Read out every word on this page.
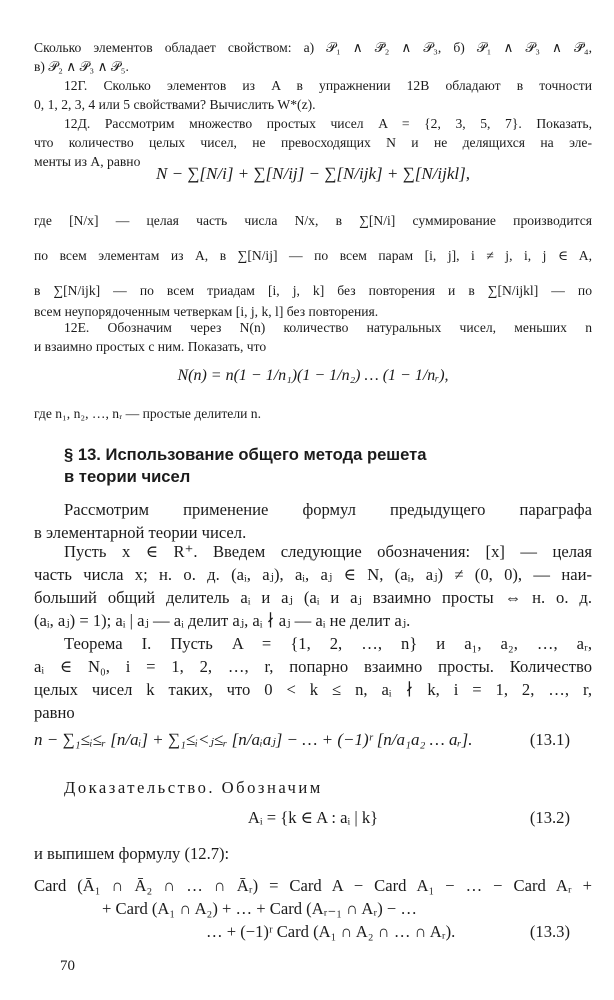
Сколько элементов обладает свойством: а) 𝒫₁ ∧ 𝒫̄₂ ∧ 𝒫₃, б) 𝒫₁ ∧ 𝒫₃ ∧ 𝒫̄₄,
в) 𝒫₂ ∧ 𝒫₃ ∧ 𝒫₅.
12Г. Сколько элементов из A в упражнении 12В обладают в точности
0, 1, 2, 3, 4 или 5 свойствами? Вычислить W*(z).
12Д. Рассмотрим множество простых чисел A = {2, 3, 5, 7}. Показать,
что количество целых чисел, не превосходящих N и не делящихся на эле-
менты из A, равно
N − ∑[N/i] + ∑[N/ij] − ∑[N/ijk] + ∑[N/ijkl],
где [N/x] — целая часть числа N/x, в ∑[N/i] суммирование производится
по всем элементам из A, в ∑[N/ij] — по всем парам [i, j], i ≠ j, i, j ∈ A,
в ∑[N/ijk] — по всем триадам [i, j, k] без повторения и в ∑[N/ijkl] — по
всем неупорядоченным четверкам [i, j, k, l] без повторения.
12Е. Обозначим через N(n) количество натуральных чисел, меньших n
и взаимно простых с ним. Показать, что
N(n) = n(1 − 1/n₁)(1 − 1/n₂) … (1 − 1/nᵣ),
где n₁, n₂, …, nᵣ — простые делители n.
§ 13. Использование общего метода решета
в теории чисел
Рассмотрим применение формул предыдущего параграфа
в элементарной теории чисел.
Пусть x ∈ R⁺. Введем следующие обозначения: [x] — целая
часть числа x; н. о. д. (aᵢ, aⱼ), aᵢ, aⱼ ∈ N, (aᵢ, aⱼ) ≠ (0, 0), — наи-
больший общий делитель aᵢ и aⱼ (aᵢ и aⱼ взаимно просты ⇔ н. о. д.
(aᵢ, aⱼ) = 1); aᵢ | aⱼ — aᵢ делит aⱼ, aᵢ ∤ aⱼ — aᵢ не делит aⱼ.
Теорема I. Пусть A = {1, 2, …, n} и a₁, a₂, …, aᵣ,
aᵢ ∈ N₀, i = 1, 2, …, r, попарно взаимно просты. Количество
целых чисел k таких, что 0 < k ≤ n, aᵢ ∤ k, i = 1, 2, …, r,
равно
n − ∑₁≤ᵢ≤ᵣ [n/aᵢ] + ∑₁≤ᵢ<ⱼ≤ᵣ [n/aᵢaⱼ] − … + (−1)ʳ [n/a₁a₂ … aᵣ].	(13.1)
Доказательство. Обозначим
Aᵢ = {k ∈ A : aᵢ | k}	(13.2)
и выпишем формулу (12.7):
Card (Ā₁ ∩ Ā₂ ∩ … ∩ Āᵣ) = Card A − Card A₁ − … − Card Aᵣ +
+ Card (A₁ ∩ A₂) + … + Card (Aᵣ₋₁ ∩ Aᵣ) − …
… + (−1)ʳ Card (A₁ ∩ A₂ ∩ … ∩ Aᵣ).	(13.3)
70
